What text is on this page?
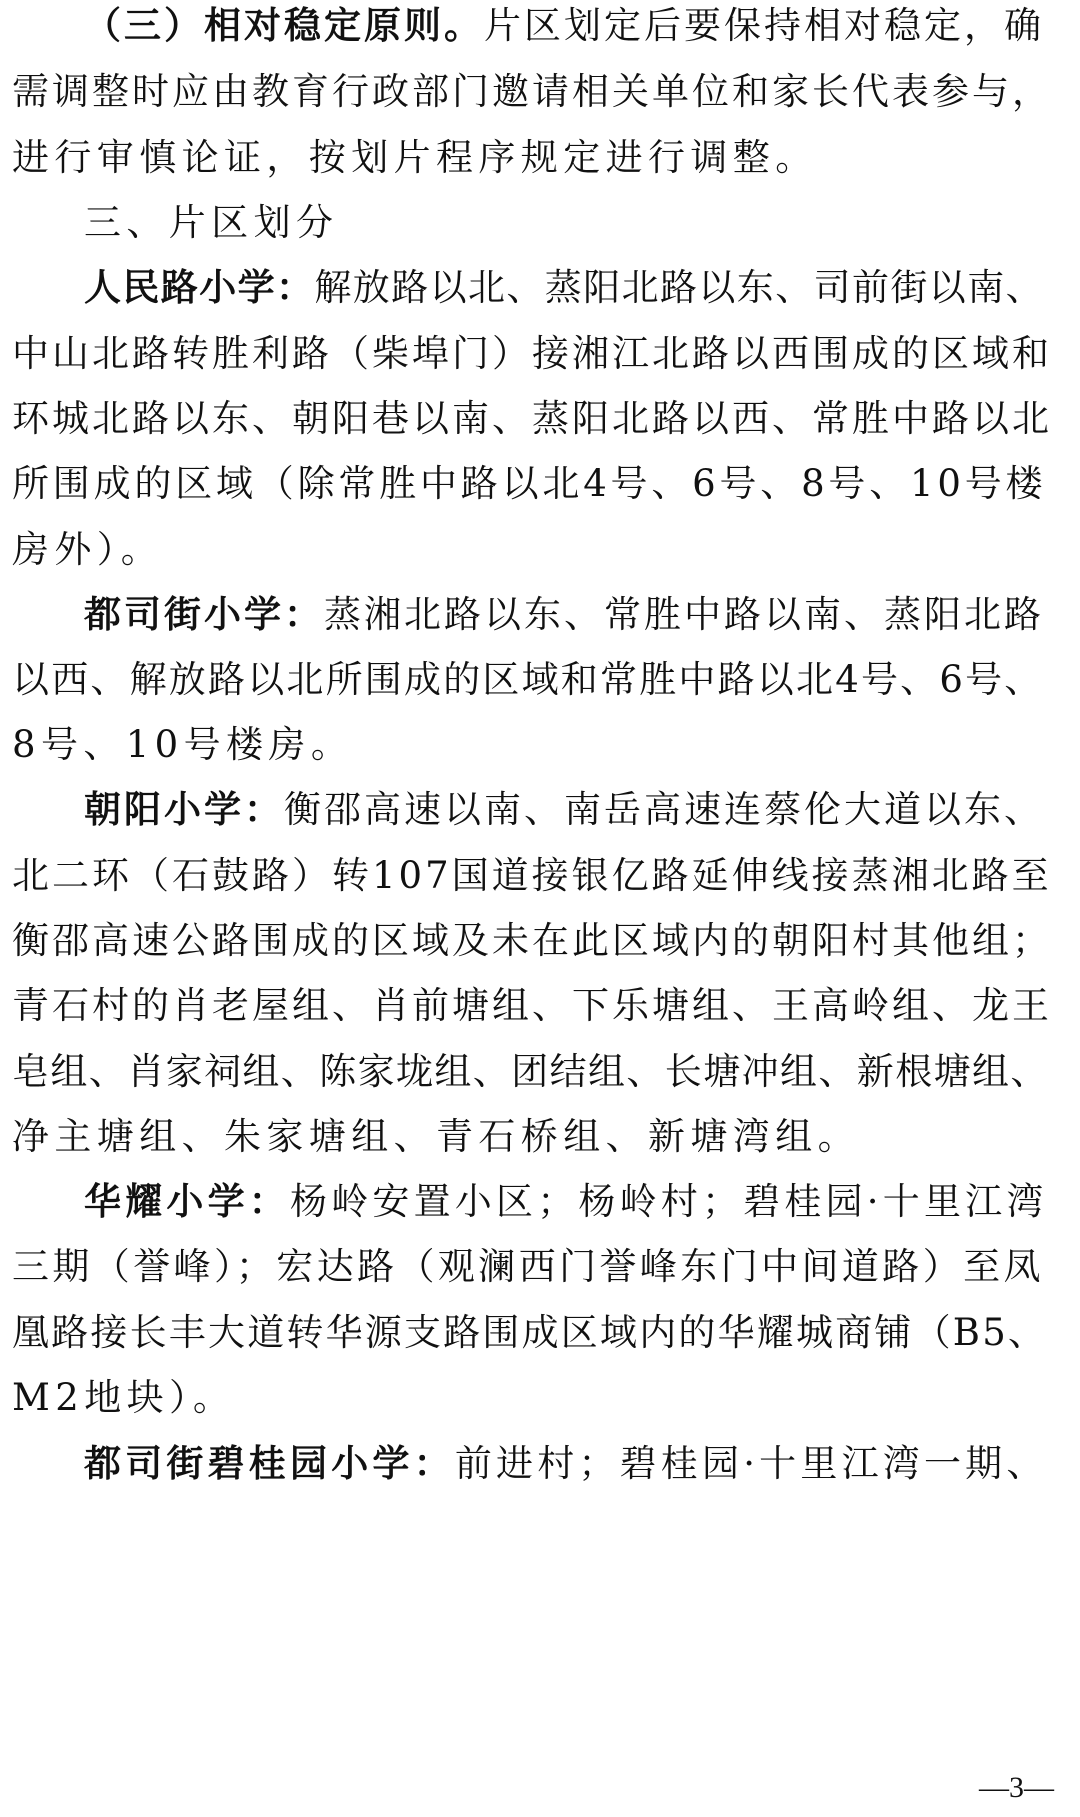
（三）相对稳定原则。片区划定后要保持相对稳定，确
需调整时应由教育行政部门邀请相关单位和家长代表参与，
进行审慎论证，按划片程序规定进行调整。
三、片区划分
人民路小学：解放路以北、蒸阳北路以东、司前街以南、
中山北路转胜利路（柴埠门）接湘江北路以西围成的区域和
环城北路以东、朝阳巷以南、蒸阳北路以西、常胜中路以北
所围成的区域（除常胜中路以北4号、6号、8号、10号楼
房外）。
都司街小学：蒸湘北路以东、常胜中路以南、蒸阳北路
以西、解放路以北所围成的区域和常胜中路以北4号、6号、
8号、10号楼房。
朝阳小学：衡邵高速以南、南岳高速连蔡伦大道以东、
北二环（石鼓路）转107国道接银亿路延伸线接蒸湘北路至
衡邵高速公路围成的区域及未在此区域内的朝阳村其他组；
青石村的肖老屋组、肖前塘组、下乐塘组、王高岭组、龙王
皂组、肖家祠组、陈家垅组、团结组、长塘冲组、新根塘组、
净主塘组、朱家塘组、青石桥组、新塘湾组。
华耀小学：杨岭安置小区；杨岭村；碧桂园·十里江湾
三期（誉峰）；宏达路（观澜西门誉峰东门中间道路）至凤
凰路接长丰大道转华源支路围成区域内的华耀城商铺（B5、
M2地块）。
都司街碧桂园小学：前进村；碧桂园·十里江湾一期、
—3—
